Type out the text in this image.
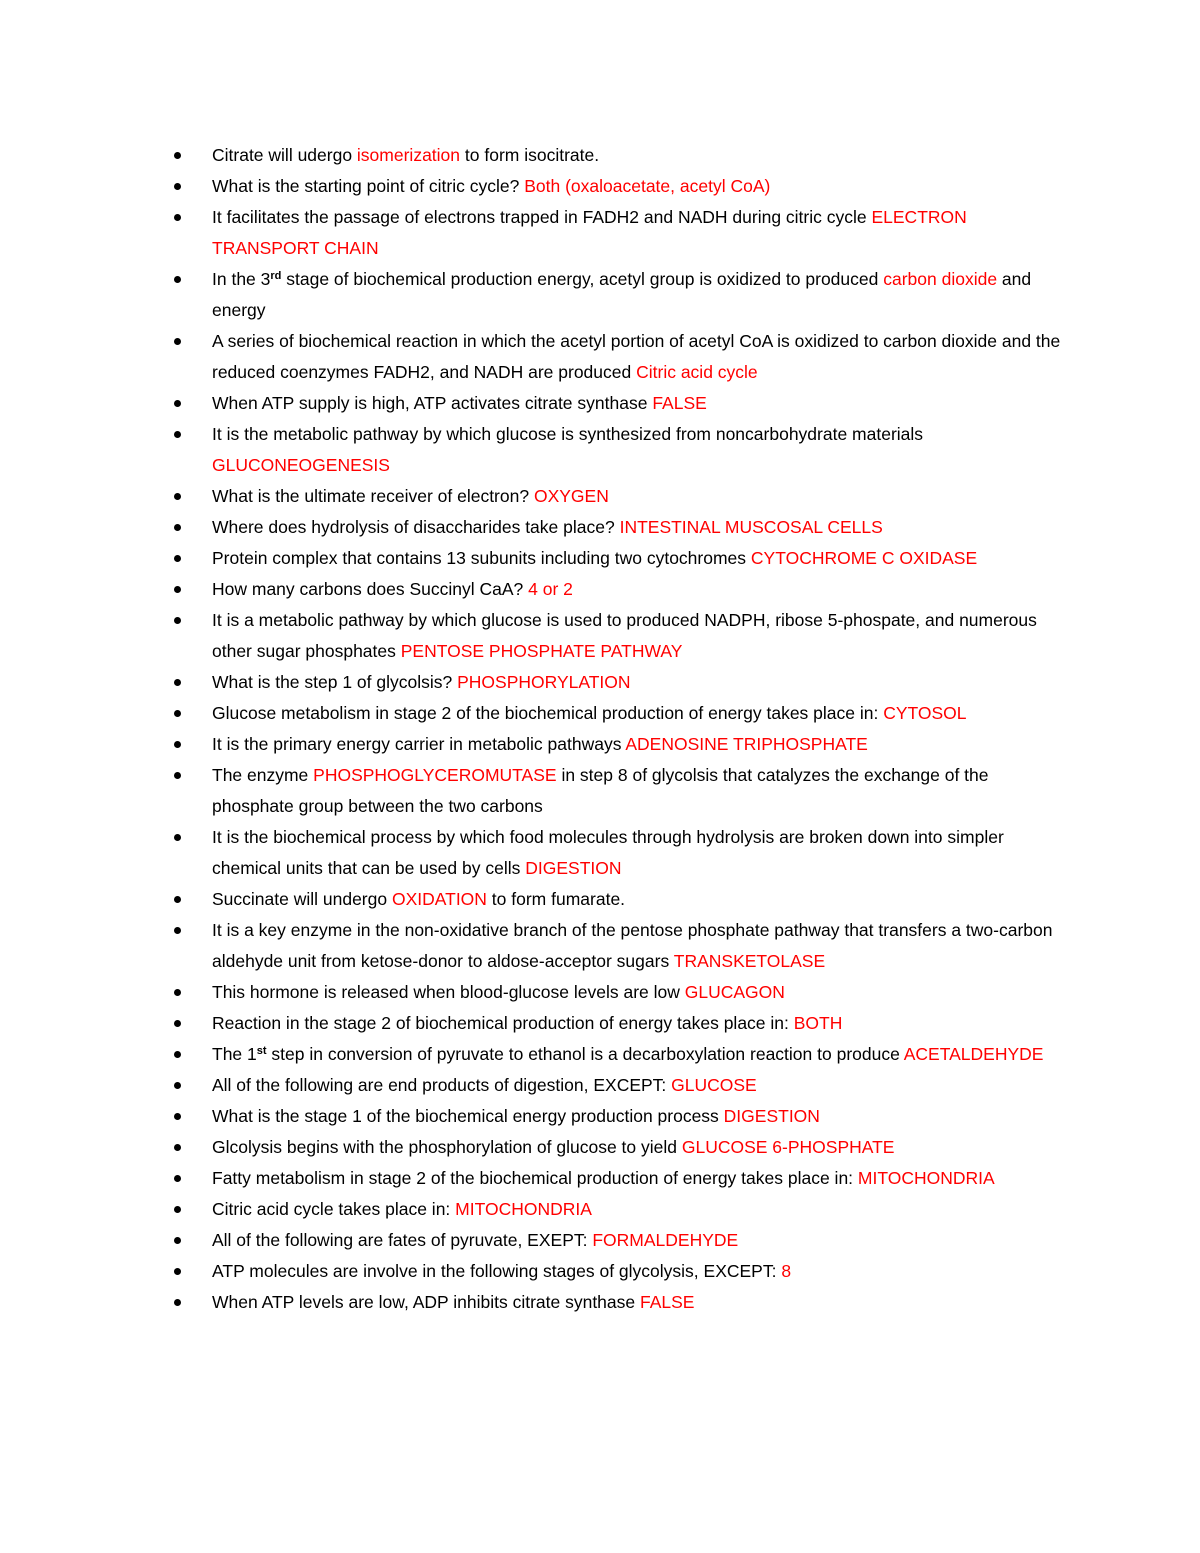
Citrate will udergo isomerization to form isocitrate.
What is the starting point of citric cycle? Both (oxaloacetate, acetyl CoA)
It facilitates the passage of electrons trapped in FADH2 and NADH during citric cycle ELECTRON TRANSPORT CHAIN
In the 3rd stage of biochemical production energy, acetyl group is oxidized to produced carbon dioxide and energy
A series of biochemical reaction in which the acetyl portion of acetyl CoA is oxidized to carbon dioxide and the reduced coenzymes FADH2, and NADH are produced Citric acid cycle
When ATP supply is high, ATP activates citrate synthase FALSE
It is the metabolic pathway by which glucose is synthesized from noncarbohydrate materials GLUCONEOGENESIS
What is the ultimate receiver of electron? OXYGEN
Where does hydrolysis of disaccharides take place? INTESTINAL MUSCOSAL CELLS
Protein complex that contains 13 subunits including two cytochromes CYTOCHROME C OXIDASE
How many carbons does Succinyl CaA? 4 or 2
It is a metabolic pathway by which glucose is used to produced NADPH, ribose 5-phospate, and numerous other sugar phosphates PENTOSE PHOSPHATE PATHWAY
What is the step 1 of glycolsis? PHOSPHORYLATION
Glucose metabolism in stage 2 of the biochemical production of energy takes place in: CYTOSOL
It is the primary energy carrier in metabolic pathways ADENOSINE TRIPHOSPHATE
The enzyme PHOSPHOGLYCEROMUTASE in step 8 of glycolsis that catalyzes the exchange of the phosphate group between the two carbons
It is the biochemical process by which food molecules through hydrolysis are broken down into simpler chemical units that can be used by cells DIGESTION
Succinate will undergo OXIDATION to form fumarate.
It is a key enzyme in the non-oxidative branch of the pentose phosphate pathway that transfers a two-carbon aldehyde unit from ketose-donor to aldose-acceptor sugars TRANSKETOLASE
This hormone is released when blood-glucose levels are low GLUCAGON
Reaction in the stage 2 of biochemical production of energy takes place in: BOTH
The 1st step in conversion of pyruvate to ethanol is a decarboxylation reaction to produce ACETALDEHYDE
All of the following are end products of digestion, EXCEPT: GLUCOSE
What is the stage 1 of the biochemical energy production process DIGESTION
Glcolysis begins with the phosphorylation of glucose to yield GLUCOSE 6-PHOSPHATE
Fatty metabolism in stage 2 of the biochemical production of energy takes place in: MITOCHONDRIA
Citric acid cycle takes place in: MITOCHONDRIA
All of the following are fates of pyruvate, EXEPT: FORMALDEHYDE
ATP molecules are involve in the following stages of glycolysis, EXCEPT: 8
When ATP levels are low, ADP inhibits citrate synthase FALSE
